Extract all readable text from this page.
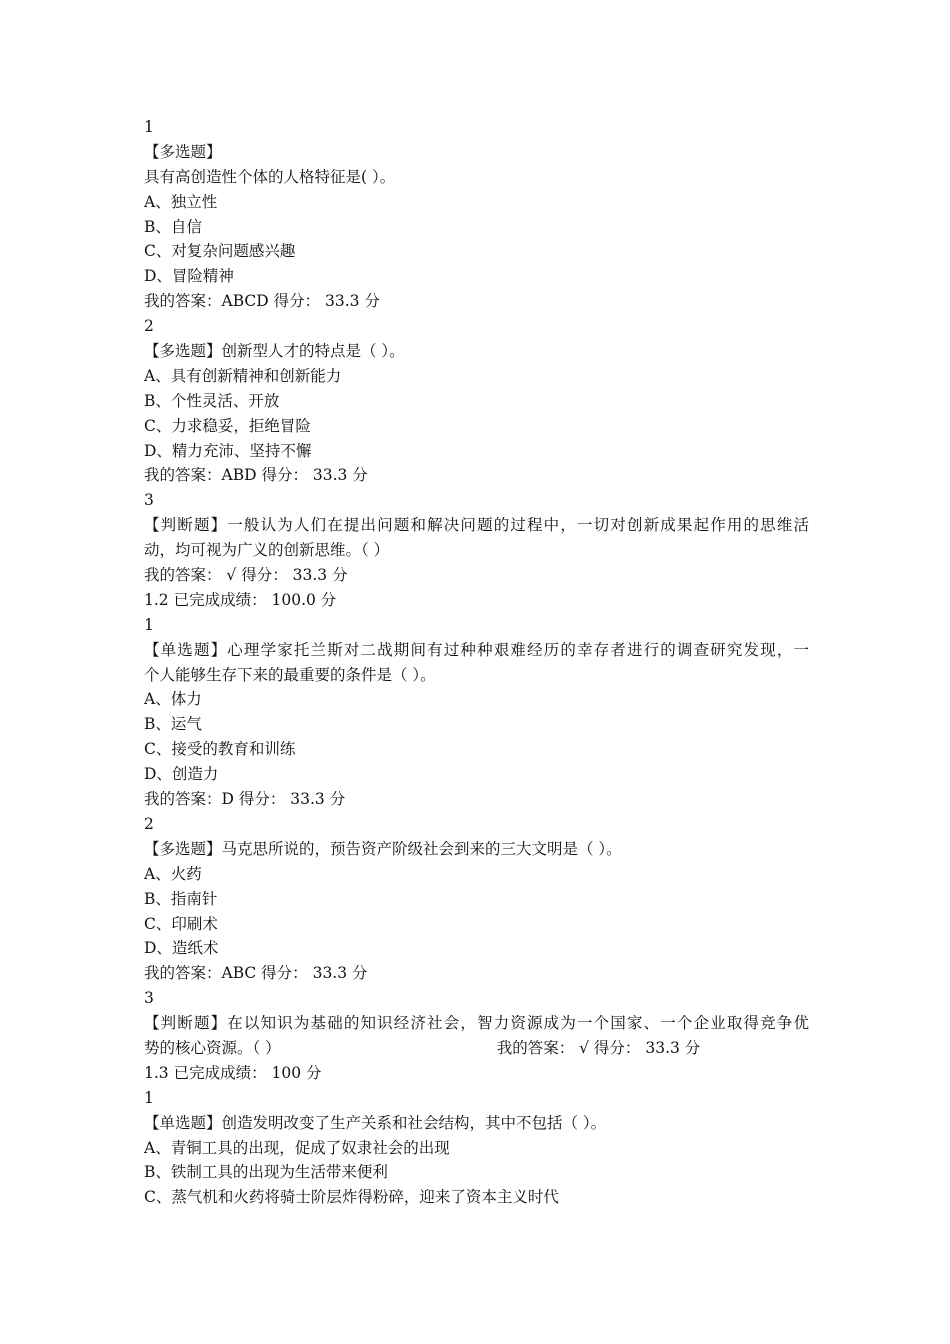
1
【多选题】
具有高创造性个体的人格特征是( ）。
A、独立性
B、自信
C、对复杂问题感兴趣
D、冒险精神
我的答案：ABCD 得分： 33.3 分
2
【多选题】创新型人才的特点是（ ）。
A、具有创新精神和创新能力
B、个性灵活、开放
C、力求稳妥，拒绝冒险
D、精力充沛、坚持不懈
我的答案：ABD 得分： 33.3 分
3
【判断题】一般认为人们在提出问题和解决问题的过程中，一切对创新成果起作用的思维活
动，均可视为广义的创新思维。（ ）
我的答案： √ 得分： 33.3 分
1.2 已完成成绩： 100.0 分
1
【单选题】心理学家托兰斯对二战期间有过种种艰难经历的幸存者进行的调查研究发现，一
个人能够生存下来的最重要的条件是（ ）。
A、体力
B、运气
C、接受的教育和训练
D、创造力
我的答案：D 得分： 33.3 分
2
【多选题】马克思所说的，预告资产阶级社会到来的三大文明是（ ）。
A、火药
B、指南针
C、印刷术
D、造纸术
我的答案：ABC 得分： 33.3 分
3
【判断题】在以知识为基础的知识经济社会，智力资源成为一个国家、一个企业取得竞争优
势的核心资源。（ ）	我的答案： √ 得分： 33.3 分
1.3 已完成成绩： 100 分
1
【单选题】创造发明改变了生产关系和社会结构，其中不包括（ ）。
A、青铜工具的出现，促成了奴隶社会的出现
B、铁制工具的出现为生活带来便利
C、蒸气机和火药将骑士阶层炸得粉碎，迎来了资本主义时代
